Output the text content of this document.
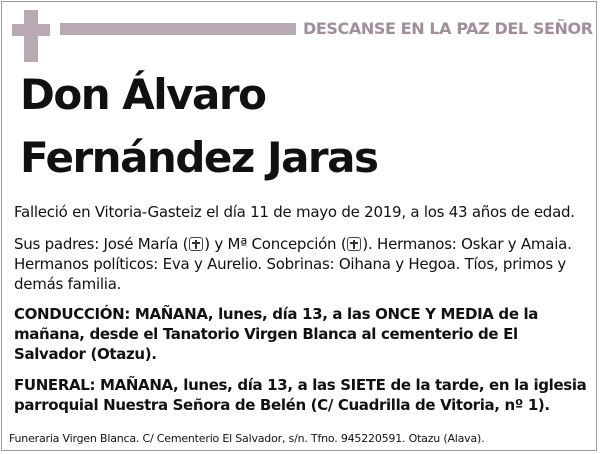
DESCANSE EN LA PAZ DEL SEÑOR
Don Álvaro
Fernández Jaras
Falleció en Vitoria-Gasteiz el día 11 de mayo de 2019, a los 43 años de edad.
Sus padres: José María ( ) y Mª Concepción ( ). Hermanos: Oskar y Amaia. Hermanos políticos: Eva y Aurelio. Sobrinas: Oihana y Hegoa. Tíos, primos y demás familia.
CONDUCCIÓN: MAÑANA, lunes, día 13, a las ONCE Y MEDIA de la mañana, desde el Tanatorio Virgen Blanca al cementerio de El Salvador (Otazu).
FUNERAL: MAÑANA, lunes, día 13, a las SIETE de la tarde, en la iglesia parroquial Nuestra Señora de Belén (C/ Cuadrilla de Vitoria, nº 1).
Funeraria Virgen Blanca. C/ Cementerio El Salvador, s/n. Tfno. 945220591. Otazu (Alava).
